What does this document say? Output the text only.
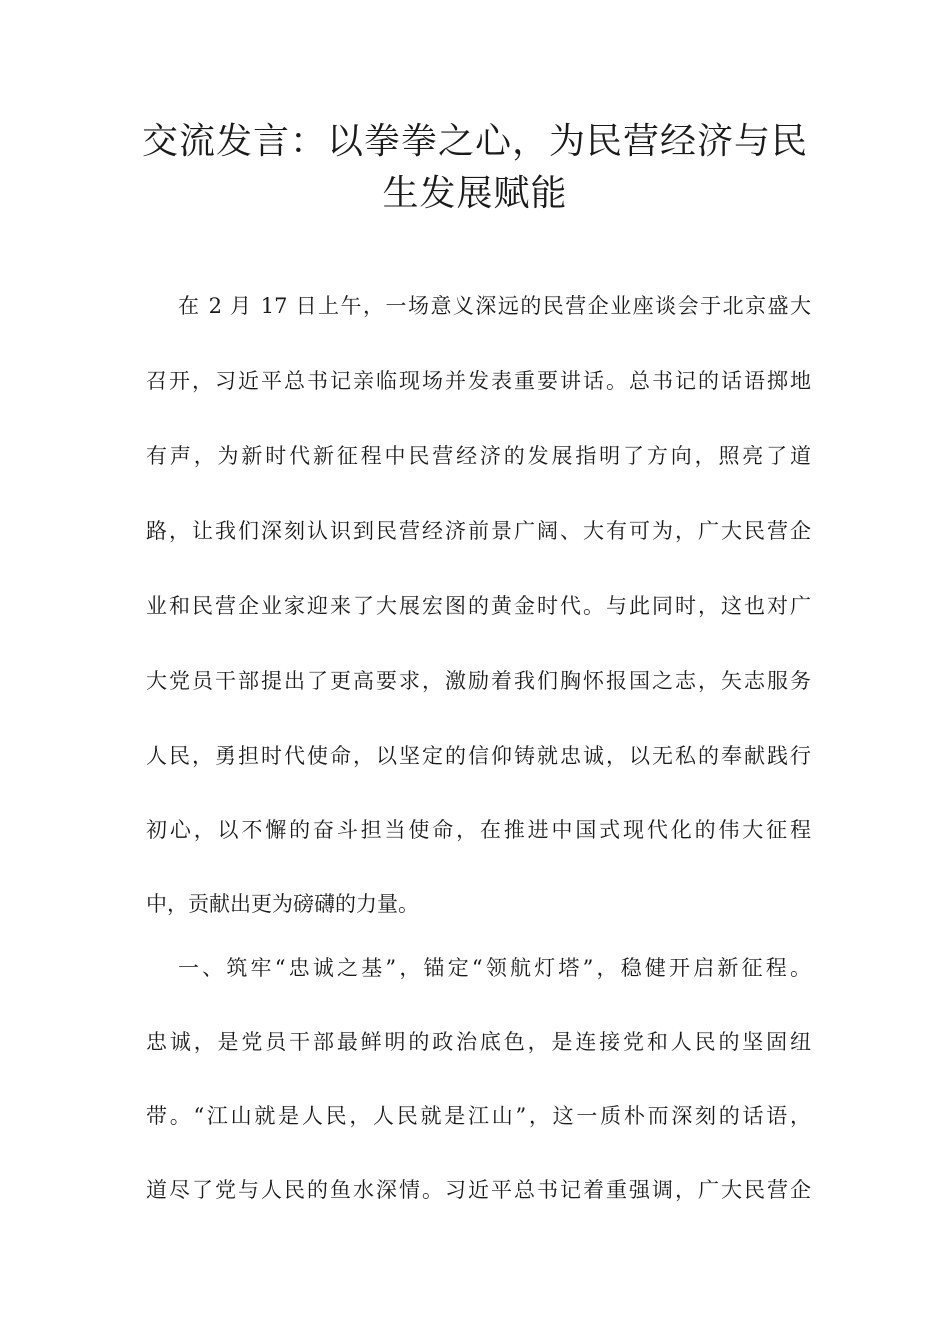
交流发言：以拳拳之心，为民营经济与民
生发展赋能
在 2 月 17 日上午，一场意义深远的民营企业座谈会于北京盛大
召开，习近平总书记亲临现场并发表重要讲话。总书记的话语掷地
有声，为新时代新征程中民营经济的发展指明了方向，照亮了道
路，让我们深刻认识到民营经济前景广阔、大有可为，广大民营企
业和民营企业家迎来了大展宏图的黄金时代。与此同时，这也对广
大党员干部提出了更高要求，激励着我们胸怀报国之志，矢志服务
人民，勇担时代使命，以坚定的信仰铸就忠诚，以无私的奉献践行
初心，以不懈的奋斗担当使命，在推进中国式现代化的伟大征程
中，贡献出更为磅礴的力量。
一、筑牢“忠诚之基”，锚定“领航灯塔”，稳健开启新征程。
忠诚，是党员干部最鲜明的政治底色，是连接党和人民的坚固纽
带。“江山就是人民，人民就是江山”，这一质朴而深刻的话语，
道尽了党与人民的鱼水深情。习近平总书记着重强调，广大民营企
